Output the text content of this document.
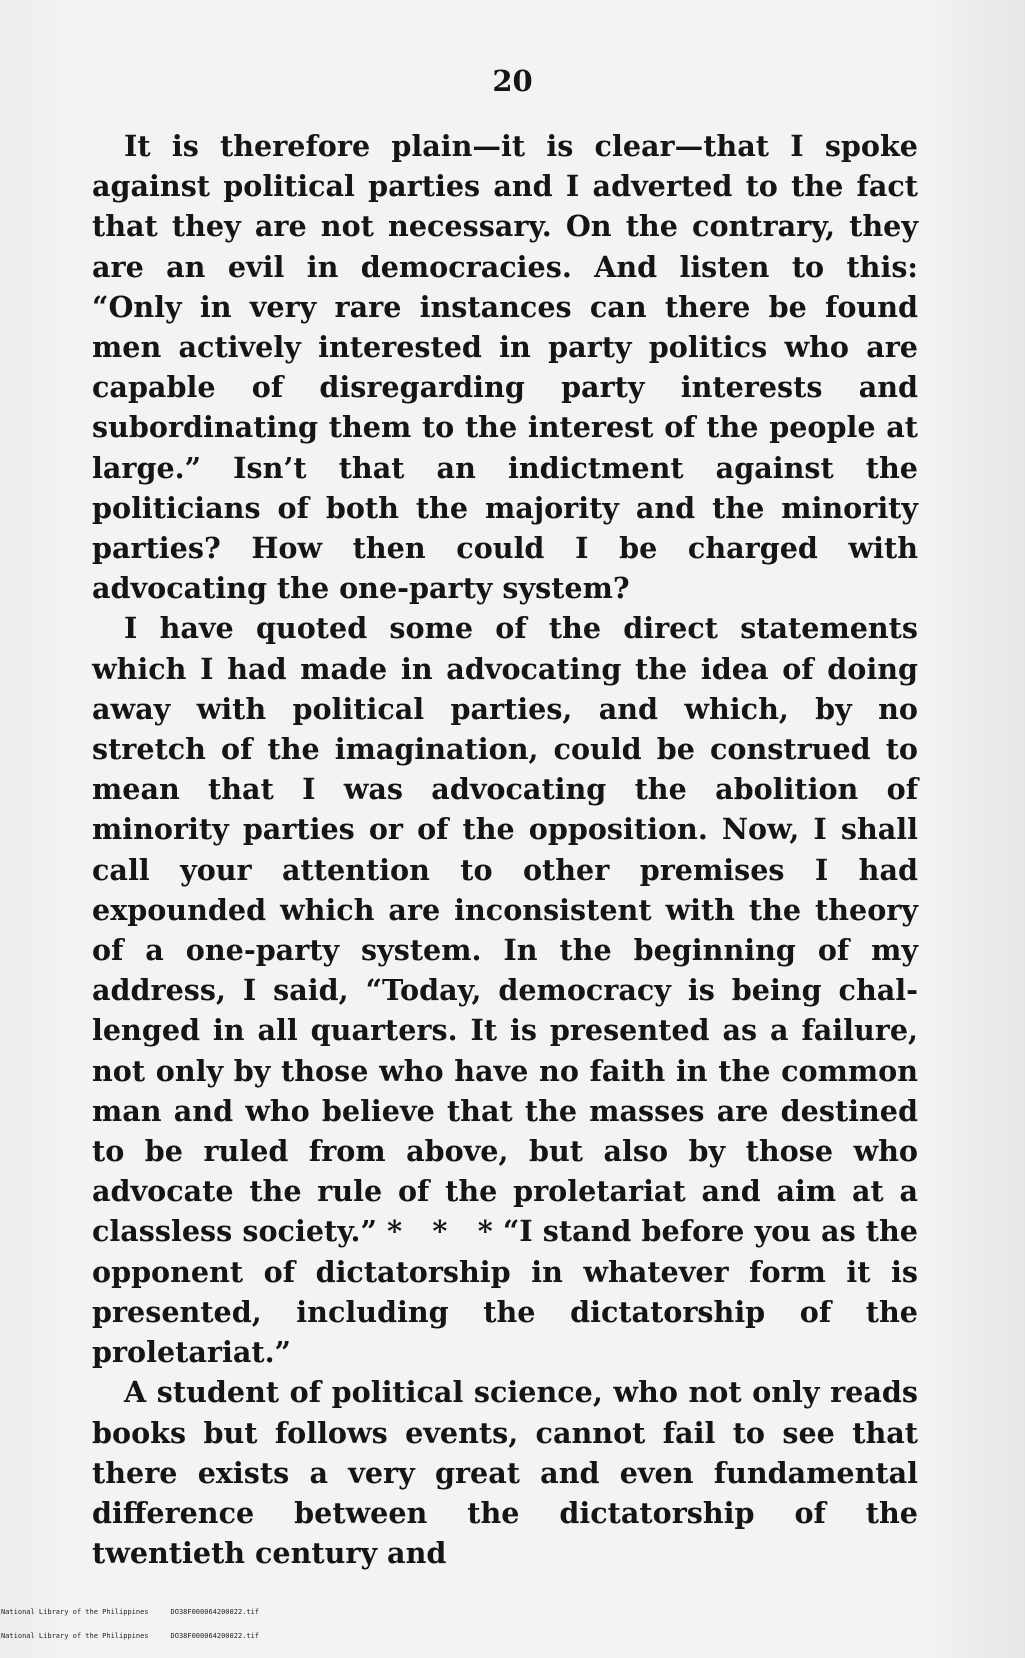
20

It is therefore plain—it is clear—that I spoke against political parties and I adverted to the fact that they are not necessary. On the contrary, they are an evil in democracies. And listen to this: “Only in very rare instances can there be found men actively interested in party politics who are capable of disregarding party interests and subordinating them to the interest of the people at large.” Isn’t that an indictment against the politicians of both the majority and the minority parties? How then could I be charged with advocating the one-party system?

I have quoted some of the direct statements which I had made in advocating the idea of doing away with political parties, and which, by no stretch of the imagination, could be construed to mean that I was advocating the abolition of minority parties or of the opposition. Now, I shall call your attention to other premises I had expounded which are inconsistent with the theory of a one-party system. In the beginning of my address, I said, “Today, democracy is being challenged in all quarters. It is presented as a failure, not only by those who have no faith in the common man and who believe that the masses are destined to be ruled from above, but also by those who advocate the rule of the proletariat and aim at a classless society.” *   *   * “I stand before you as the opponent of dictatorship in whatever form it is presented, including the dictatorship of the proletariat.”

A student of political science, who not only reads books but follows events, cannot fail to see that there exists a very great and even fundamental difference between the dictatorship of the twentieth century and

National Library of the Philippines	DO38F000064200022.tif

National Library of the Philippines	DO38F000064200022.tif
